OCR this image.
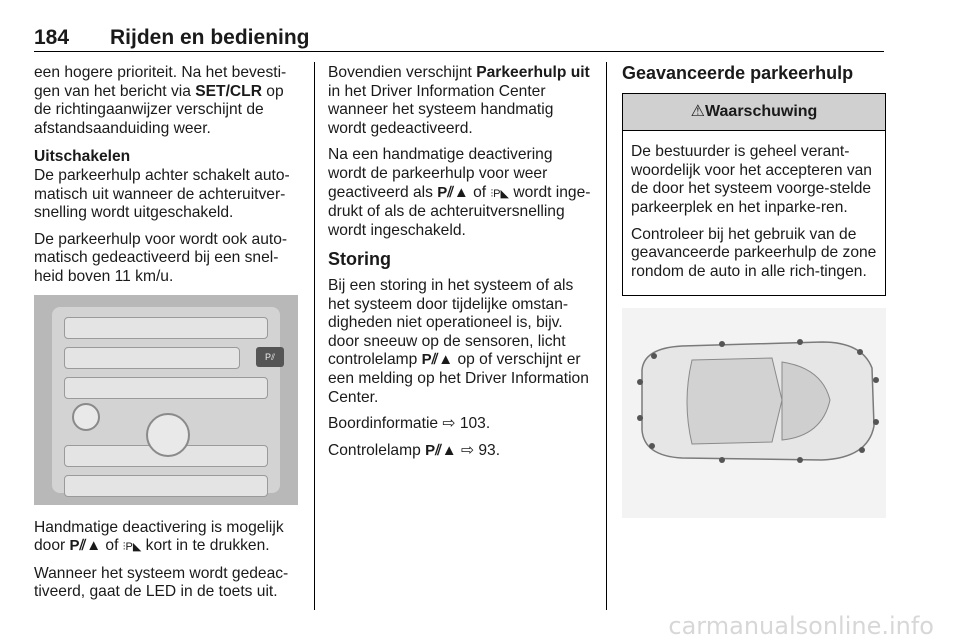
184 Rijden en bediening

een hogere prioriteit. Na het bevesti-gen van het bericht via SET/CLR op de richtingaanwijzer verschijnt de afstandsaanduiding weer.

Uitschakelen

De parkeerhulp achter schakelt auto-matisch uit wanneer de achteruitver-snelling wordt uitgeschakeld.

De parkeerhulp voor wordt ook auto-matisch gedeactiveerd bij een snel-heid boven 11 km/u.

P⫽

Handmatige deactivering is mogelijk door P⫽▲ of ⫶P◣ kort in te drukken.

Wanneer het systeem wordt gedeac-tiveerd, gaat de LED in de toets uit.

Bovendien verschijnt Parkeerhulp uit in het Driver Information Center wanneer het systeem handmatig wordt gedeactiveerd.

Na een handmatige deactivering wordt de parkeerhulp voor weer geactiveerd als P⫽▲ of ⫶P◣ wordt inge-drukt of als de achteruitversnelling wordt ingeschakeld.

Storing

Bij een storing in het systeem of als het systeem door tijdelijke omstan-digheden niet operationeel is, bijv. door sneeuw op de sensoren, licht controlelamp P⫽▲ op of verschijnt er een melding op het Driver Information Center.

Boordinformatie ⇨ 103.

Controlelamp P⫽▲ ⇨ 93.

Geavanceerde parkeerhulp
⚠Waarschuwing

De bestuurder is geheel verant-woordelijk voor het accepteren van de door het systeem voorge-stelde parkeerplek en het inparke-ren.

Controleer bij het gebruik van de geavanceerde parkeerhulp de zone rondom de auto in alle rich-tingen.

carmanualsonline.info
